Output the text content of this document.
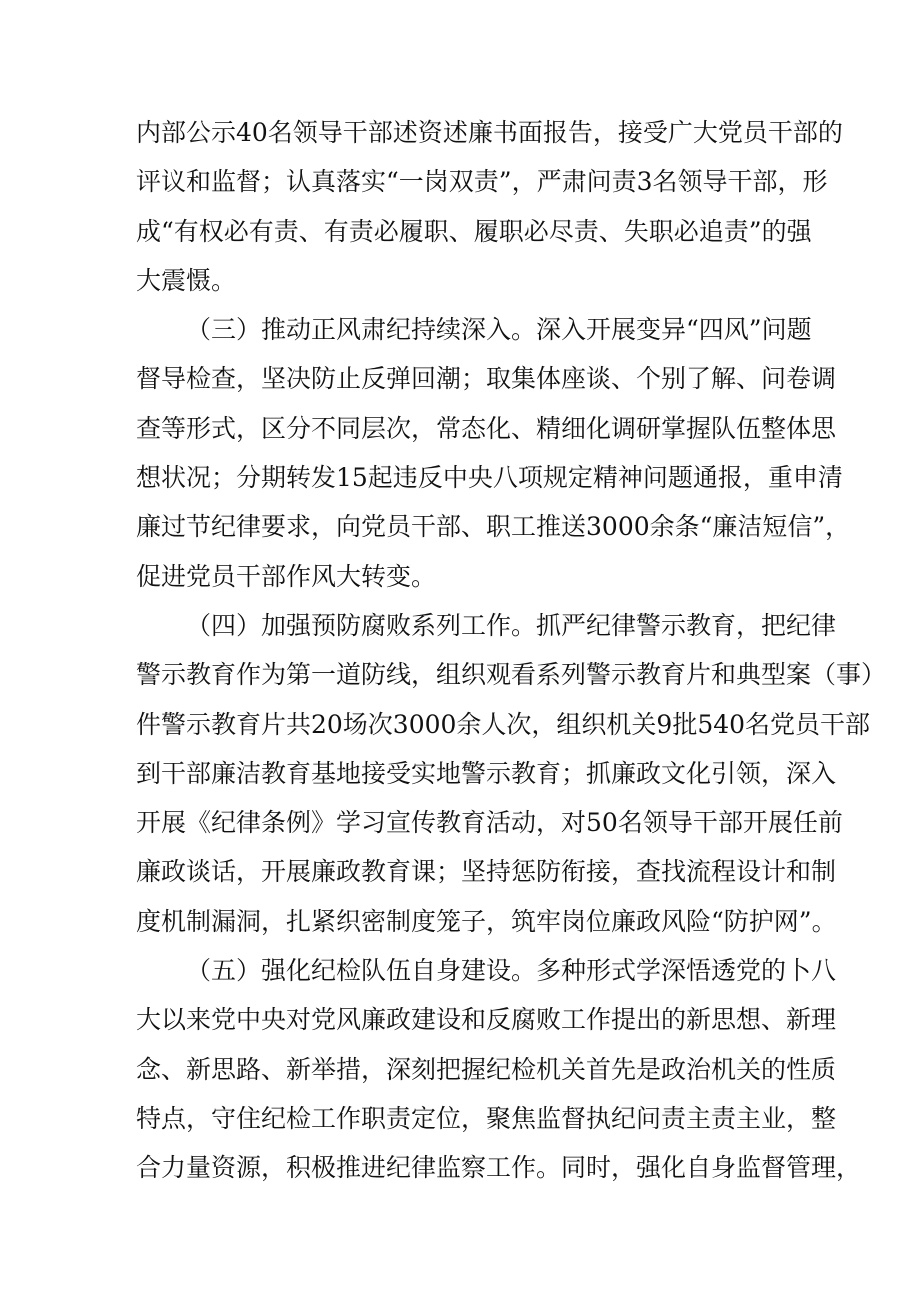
内部公示40名领导干部述资述廉书面报告，接受广大党员干部的
评议和监督；认真落实“一岗双责”，严肃问责3名领导干部，形
成“有权必有责、有责必履职、履职必尽责、失职必追责”的强
大震慑。
（三）推动正风肃纪持续深入。深入开展变异“四风”问题
督导检查，坚决防止反弹回潮；取集体座谈、个别了解、问卷调
查等形式，区分不同层次，常态化、精细化调研掌握队伍整体思
想状况；分期转发15起违反中央八项规定精神问题通报，重申清
廉过节纪律要求，向党员干部、职工推送3000余条“廉洁短信”，
促进党员干部作风大转变。
（四）加强预防腐败系列工作。抓严纪律警示教育，把纪律
警示教育作为第一道防线，组织观看系列警示教育片和典型案（事）
件警示教育片共20场次3000余人次，组织机关9批540名党员干部
到干部廉洁教育基地接受实地警示教育；抓廉政文化引领，深入
开展《纪律条例》学习宣传教育活动，对50名领导干部开展任前
廉政谈话，开展廉政教育课；坚持惩防衔接，查找流程设计和制
度机制漏洞，扎紧织密制度笼子，筑牢岗位廉政风险“防护网”。
（五）强化纪检队伍自身建设。多种形式学深悟透党的卜八
大以来党中央对党风廉政建设和反腐败工作提出的新思想、新理
念、新思路、新举措，深刻把握纪检机关首先是政治机关的性质
特点，守住纪检工作职责定位，聚焦监督执纪问责主责主业，整
合力量资源，积极推进纪律监察工作。同时，强化自身监督管理，
